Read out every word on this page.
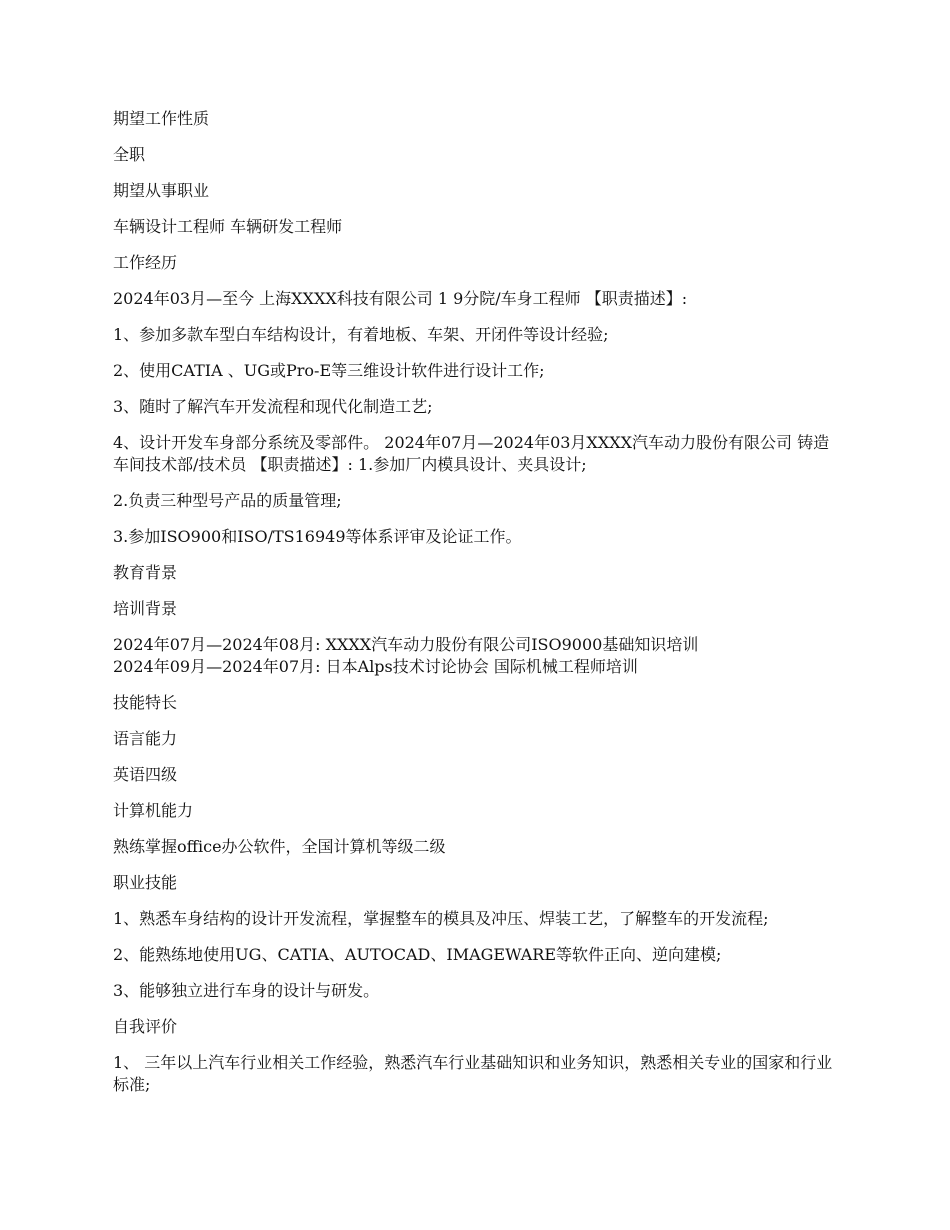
期望工作性质

全职

期望从事职业

车辆设计工程师 车辆研发工程师

工作经历

2024年03月—至今 上海XXXX科技有限公司 1 9分院/车身工程师 【职责描述】:

1、参加多款车型白车结构设计，有着地板、车架、开闭件等设计经验;

2、使用CATIA 、UG或Pro-E等三维设计软件进行设计工作;

3、随时了解汽车开发流程和现代化制造工艺;

4、设计开发车身部分系统及零部件。 2024年07月—2024年03月XXXX汽车动力股份有限公司 铸造车间技术部/技术员 【职责描述】: 1.参加厂内模具设计、夹具设计;

2.负责三种型号产品的质量管理;

3.参加ISO900和ISO/TS16949等体系评审及论证工作。

教育背景

培训背景

2024年07月—2024年08月: XXXX汽车动力股份有限公司ISO9000基础知识培训

2024年09月—2024年07月: 日本Alps技术讨论协会 国际机械工程师培训

技能特长

语言能力

英语四级

计算机能力

熟练掌握office办公软件，全国计算机等级二级

职业技能

1、熟悉车身结构的设计开发流程，掌握整车的模具及冲压、焊装工艺，了解整车的开发流程;

2、能熟练地使用UG、CATIA、AUTOCAD、IMAGEWARE等软件正向、逆向建模;

3、能够独立进行车身的设计与研发。

自我评价

1、 三年以上汽车行业相关工作经验，熟悉汽车行业基础知识和业务知识，熟悉相关专业的国家和行业标准;
